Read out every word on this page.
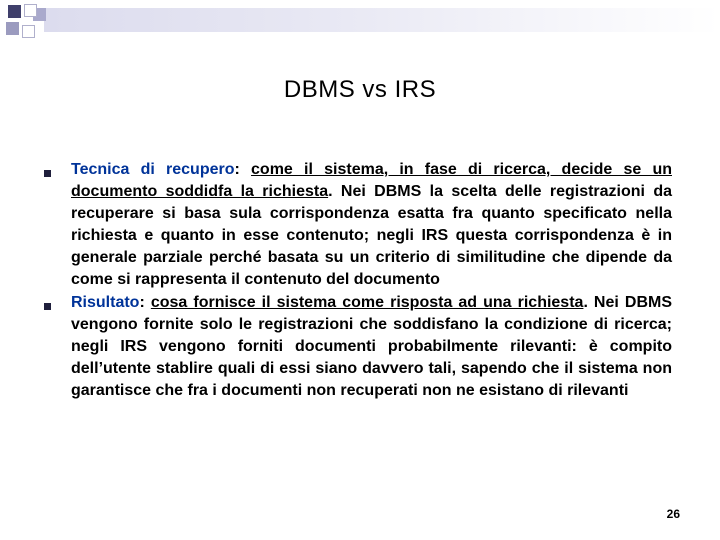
DBMS vs IRS

Tecnica di recupero: come il sistema, in fase di ricerca, decide se un documento soddidfa la richiesta. Nei DBMS la scelta delle registrazioni da recuperare si basa sula corrispondenza esatta fra quanto specificato nella richiesta e quanto in esse contenuto; negli IRS questa corrispondenza è in generale parziale perché basata su un criterio di similitudine che dipende da come si rappresenta il contenuto del documento

Risultato: cosa fornisce il sistema come risposta ad una richiesta. Nei DBMS vengono fornite solo le registrazioni che soddisfano la condizione di ricerca; negli IRS vengono forniti documenti probabilmente rilevanti: è compito dell’utente stablire quali di essi siano davvero tali, sapendo che il sistema non garantisce che fra i documenti non recuperati non ne esistano di rilevanti

26
